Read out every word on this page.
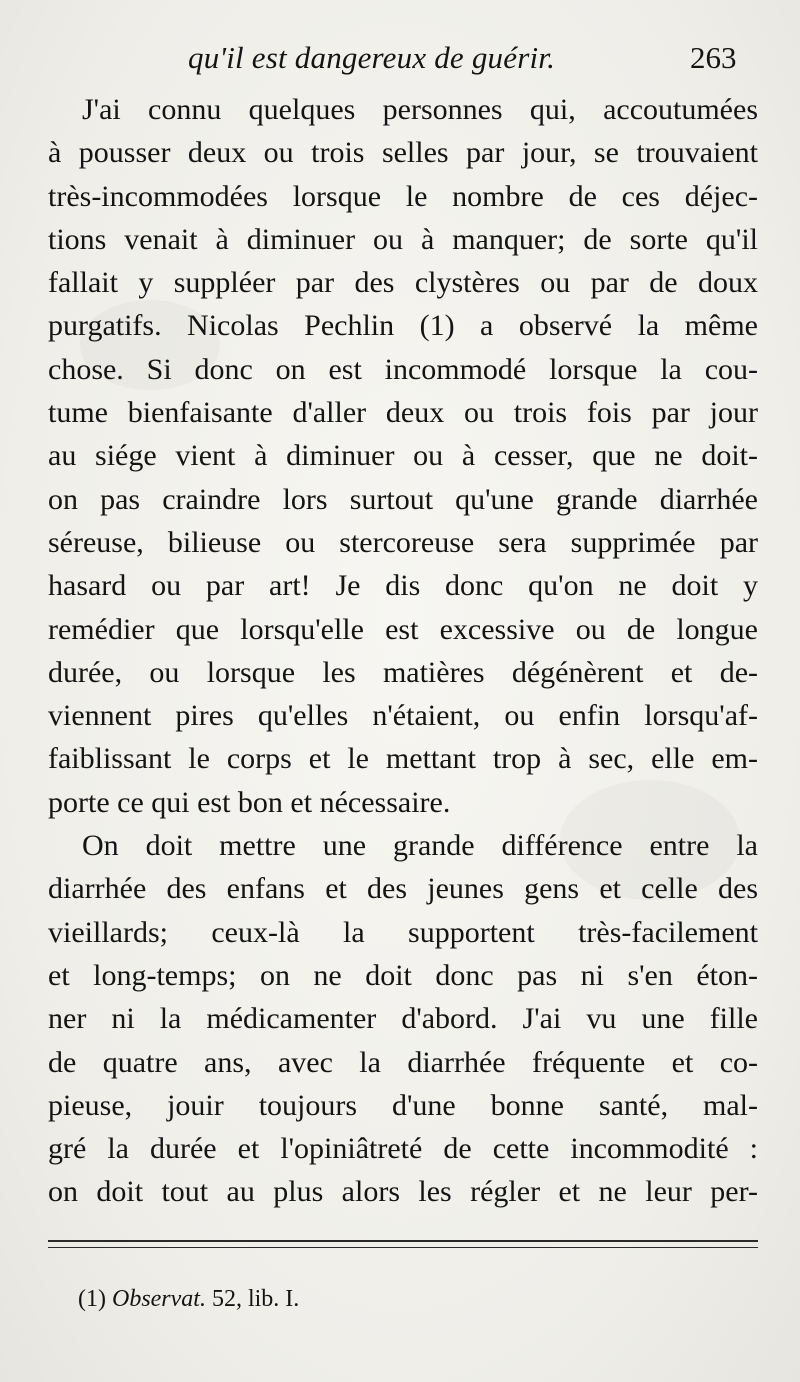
qu'il est dangereux de guérir.	263
J'ai connu quelques personnes qui, accoutumées
à pousser deux ou trois selles par jour, se trouvaient
très-incommodées lorsque le nombre de ces déjec-
tions venait à diminuer ou à manquer; de sorte qu'il
fallait y suppléer par des clystères ou par de doux
purgatifs. Nicolas Pechlin (1) a observé la même
chose. Si donc on est incommodé lorsque la cou-
tume bienfaisante d'aller deux ou trois fois par jour
au siége vient à diminuer ou à cesser, que ne doit-
on pas craindre lors surtout qu'une grande diarrhée
séreuse, bilieuse ou stercoreuse sera supprimée par
hasard ou par art! Je dis donc qu'on ne doit y
remédier que lorsqu'elle est excessive ou de longue
durée, ou lorsque les matières dégénèrent et de-
viennent pires qu'elles n'étaient, ou enfin lorsqu'af-
faiblissant le corps et le mettant trop à sec, elle em-
porte ce qui est bon et nécessaire.
On doit mettre une grande différence entre la
diarrhée des enfans et des jeunes gens et celle des
vieillards; ceux-là la supportent très-facilement
et long-temps; on ne doit donc pas ni s'en éton-
ner ni la médicamenter d'abord. J'ai vu une fille
de quatre ans, avec la diarrhée fréquente et co-
pieuse, jouir toujours d'une bonne santé, mal-
gré la durée et l'opiniâtreté de cette incommodité :
on doit tout au plus alors les régler et ne leur per-
(1) Observat. 52, lib. I.
